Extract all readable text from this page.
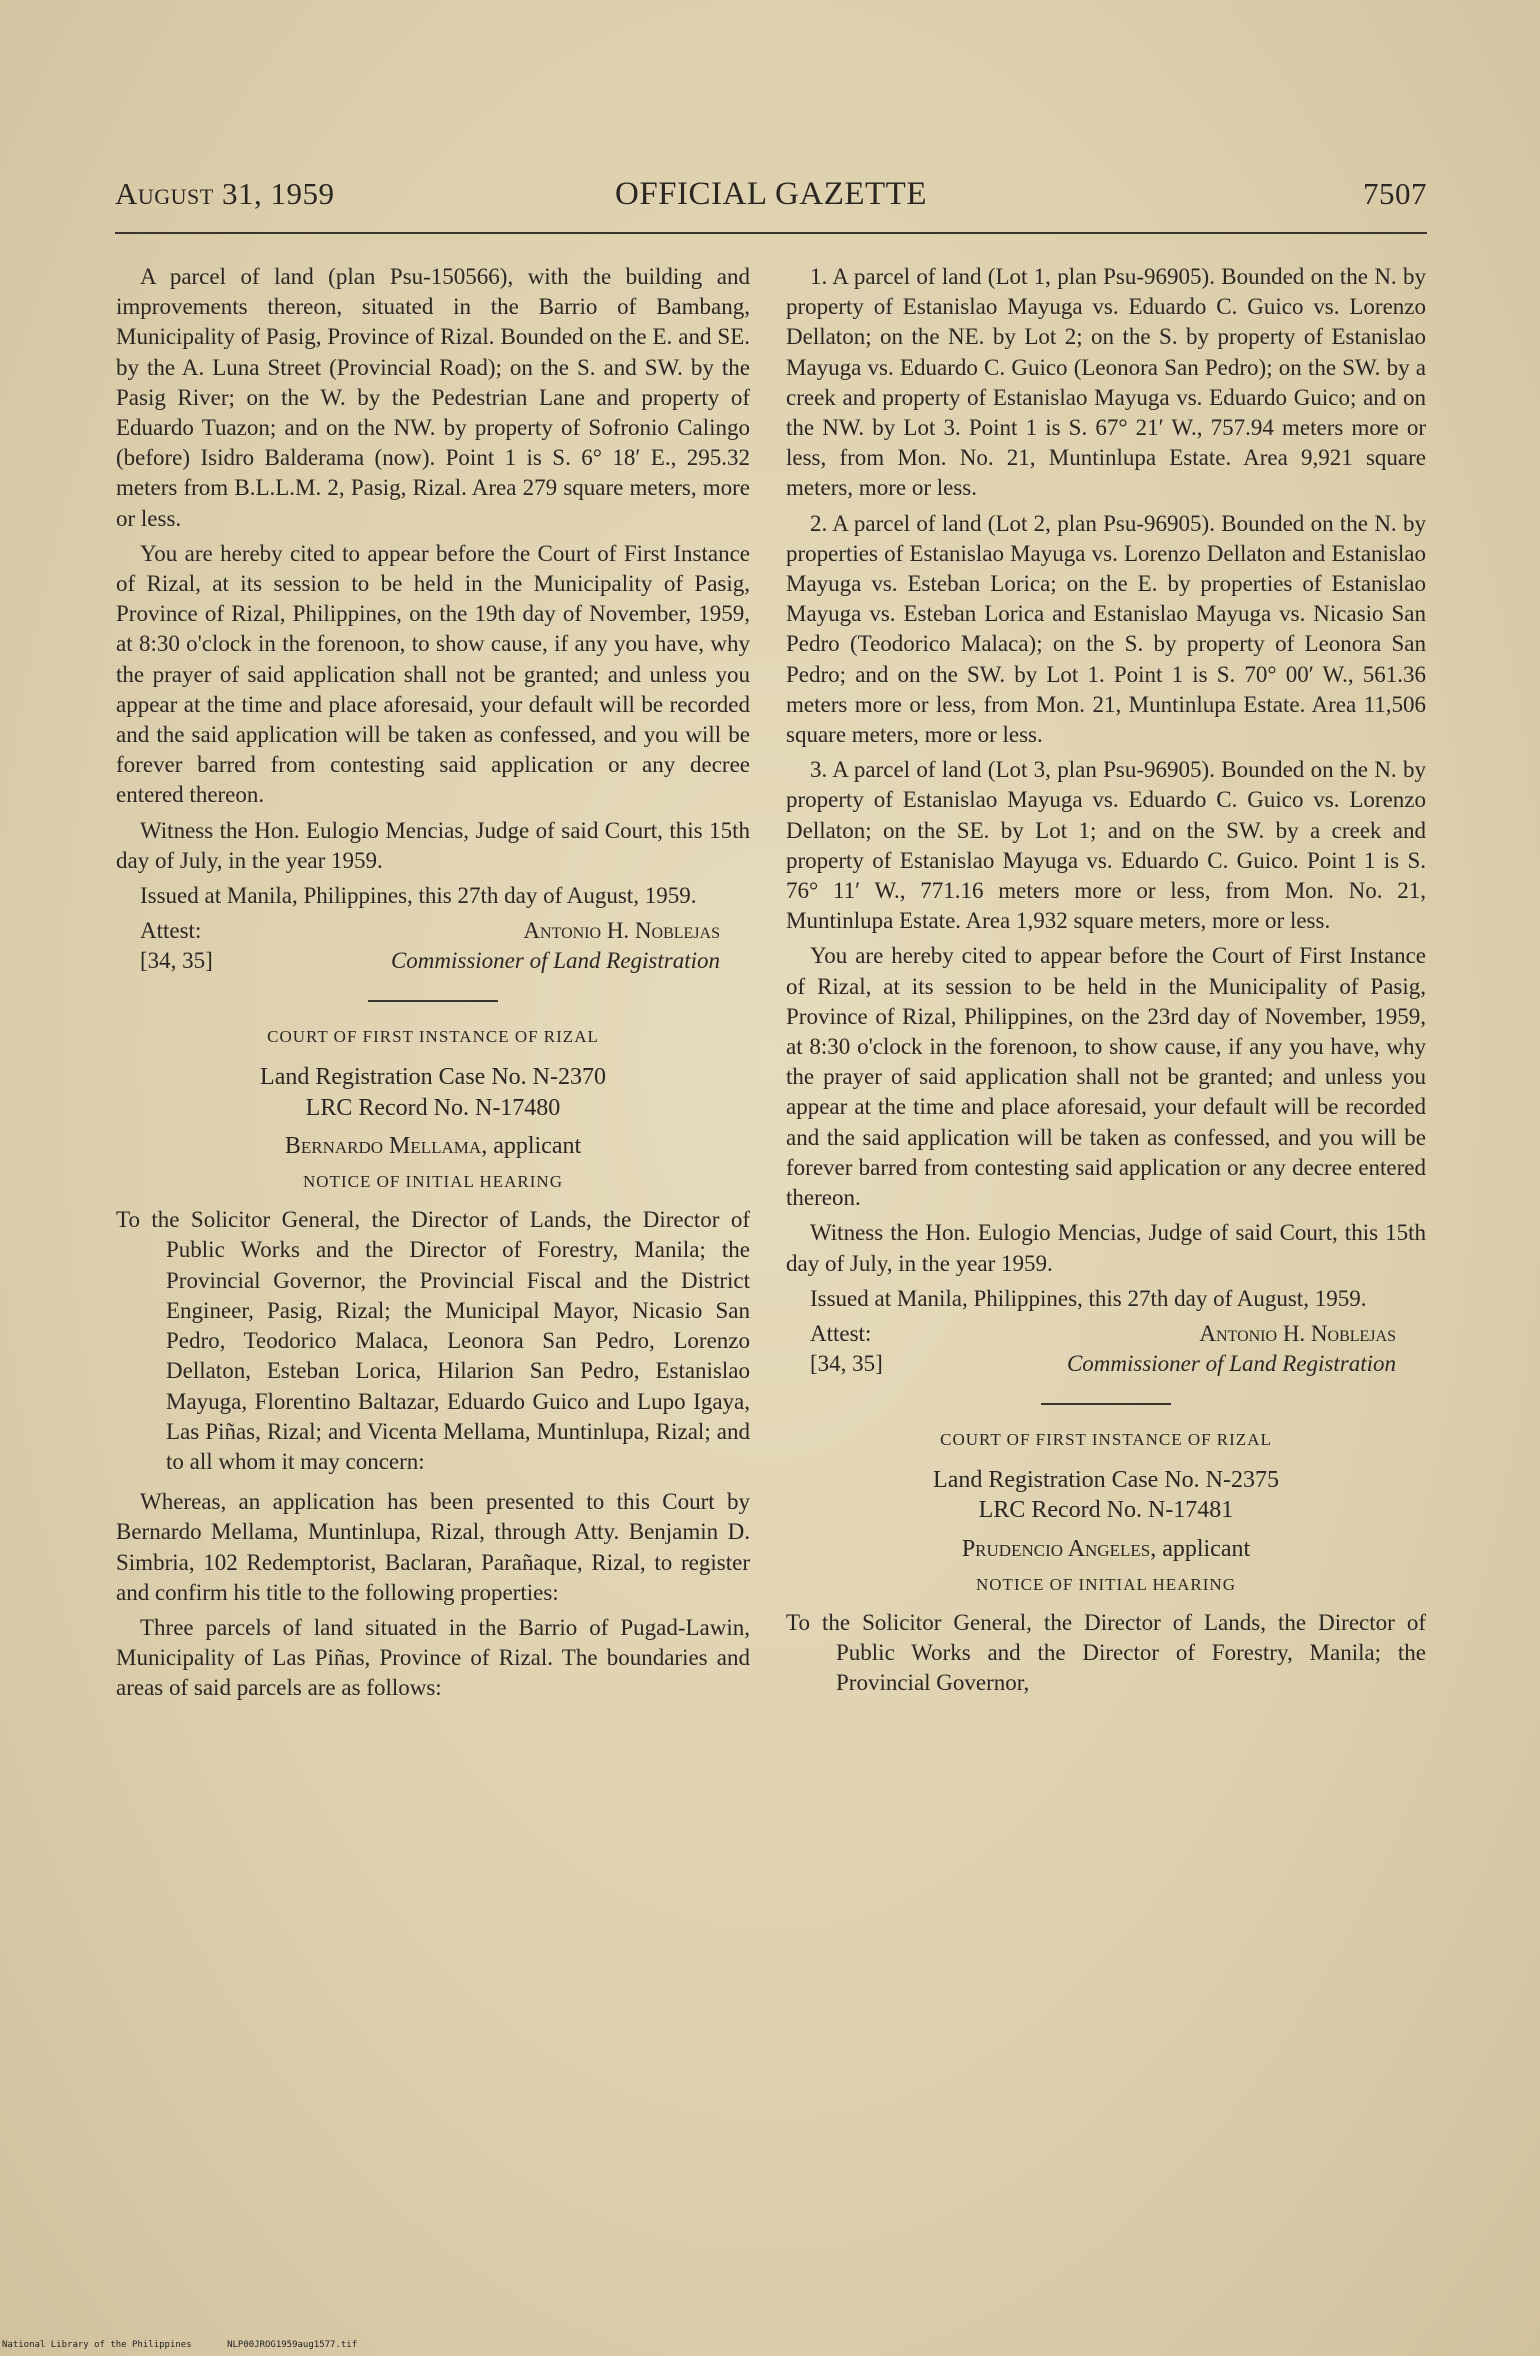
August 31, 1959	OFFICIAL GAZETTE	7507

A parcel of land (plan Psu-150566), with the building and improvements thereon, situated in the Barrio of Bambang, Municipality of Pasig, Province of Rizal. Bounded on the E. and SE. by the A. Luna Street (Provincial Road); on the S. and SW. by the Pasig River; on the W. by the Pedestrian Lane and property of Eduardo Tuazon; and on the NW. by property of Sofronio Calingo (before) Isidro Balderama (now). Point 1 is S. 6° 18′ E., 295.32 meters from B.L.L.M. 2, Pasig, Rizal. Area 279 square meters, more or less.

You are hereby cited to appear before the Court of First Instance of Rizal, at its session to be held in the Municipality of Pasig, Province of Rizal, Philippines, on the 19th day of November, 1959, at 8:30 o'clock in the forenoon, to show cause, if any you have, why the prayer of said application shall not be granted; and unless you appear at the time and place aforesaid, your default will be recorded and the said application will be taken as confessed, and you will be forever barred from contesting said application or any decree entered thereon.

Witness the Hon. Eulogio Mencias, Judge of said Court, this 15th day of July, in the year 1959.

Issued at Manila, Philippines, this 27th day of August, 1959.

Attest:
[34, 35]
Antonio H. Noblejas
Commissioner of Land Registration
COURT OF FIRST INSTANCE OF RIZAL
Land Registration Case No. N-2370
LRC Record No. N-17480
Bernardo Mellama, applicant
NOTICE OF INITIAL HEARING

To the Solicitor General, the Director of Lands, the Director of Public Works and the Director of Forestry, Manila; the Provincial Governor, the Provincial Fiscal and the District Engineer, Pasig, Rizal; the Municipal Mayor, Nicasio San Pedro, Teodorico Malaca, Leonora San Pedro, Lorenzo Dellaton, Esteban Lorica, Hilarion San Pedro, Estanislao Mayuga, Florentino Baltazar, Eduardo Guico and Lupo Igaya, Las Piñas, Rizal; and Vicenta Mellama, Muntinlupa, Rizal; and to all whom it may concern:

Whereas, an application has been presented to this Court by Bernardo Mellama, Muntinlupa, Rizal, through Atty. Benjamin D. Simbria, 102 Redemptorist, Baclaran, Parañaque, Rizal, to register and confirm his title to the following properties:

Three parcels of land situated in the Barrio of Pugad-Lawin, Municipality of Las Piñas, Province of Rizal. The boundaries and areas of said parcels are as follows:

1. A parcel of land (Lot 1, plan Psu-96905). Bounded on the N. by property of Estanislao Mayuga vs. Eduardo C. Guico vs. Lorenzo Dellaton; on the NE. by Lot 2; on the S. by property of Estanislao Mayuga vs. Eduardo C. Guico (Leonora San Pedro); on the SW. by a creek and property of Estanislao Mayuga vs. Eduardo Guico; and on the NW. by Lot 3. Point 1 is S. 67° 21′ W., 757.94 meters more or less, from Mon. No. 21, Muntinlupa Estate. Area 9,921 square meters, more or less.

2. A parcel of land (Lot 2, plan Psu-96905). Bounded on the N. by properties of Estanislao Mayuga vs. Lorenzo Dellaton and Estanislao Mayuga vs. Esteban Lorica; on the E. by properties of Estanislao Mayuga vs. Esteban Lorica and Estanislao Mayuga vs. Nicasio San Pedro (Teodorico Malaca); on the S. by property of Leonora San Pedro; and on the SW. by Lot 1. Point 1 is S. 70° 00′ W., 561.36 meters more or less, from Mon. 21, Muntinlupa Estate. Area 11,506 square meters, more or less.

3. A parcel of land (Lot 3, plan Psu-96905). Bounded on the N. by property of Estanislao Mayuga vs. Eduardo C. Guico vs. Lorenzo Dellaton; on the SE. by Lot 1; and on the SW. by a creek and property of Estanislao Mayuga vs. Eduardo C. Guico. Point 1 is S. 76° 11′ W., 771.16 meters more or less, from Mon. No. 21, Muntinlupa Estate. Area 1,932 square meters, more or less.

You are hereby cited to appear before the Court of First Instance of Rizal, at its session to be held in the Municipality of Pasig, Province of Rizal, Philippines, on the 23rd day of November, 1959, at 8:30 o'clock in the forenoon, to show cause, if any you have, why the prayer of said application shall not be granted; and unless you appear at the time and place aforesaid, your default will be recorded and the said application will be taken as confessed, and you will be forever barred from contesting said application or any decree entered thereon.

Witness the Hon. Eulogio Mencias, Judge of said Court, this 15th day of July, in the year 1959.

Issued at Manila, Philippines, this 27th day of August, 1959.

Attest:
[34, 35]
Antonio H. Noblejas
Commissioner of Land Registration
COURT OF FIRST INSTANCE OF RIZAL
Land Registration Case No. N-2375
LRC Record No. N-17481
Prudencio Angeles, applicant
NOTICE OF INITIAL HEARING

To the Solicitor General, the Director of Lands, the Director of Public Works and the Director of Forestry, Manila; the Provincial Governor,

National Library of the Philippines	NLP00JROG1959aug1577.tif
